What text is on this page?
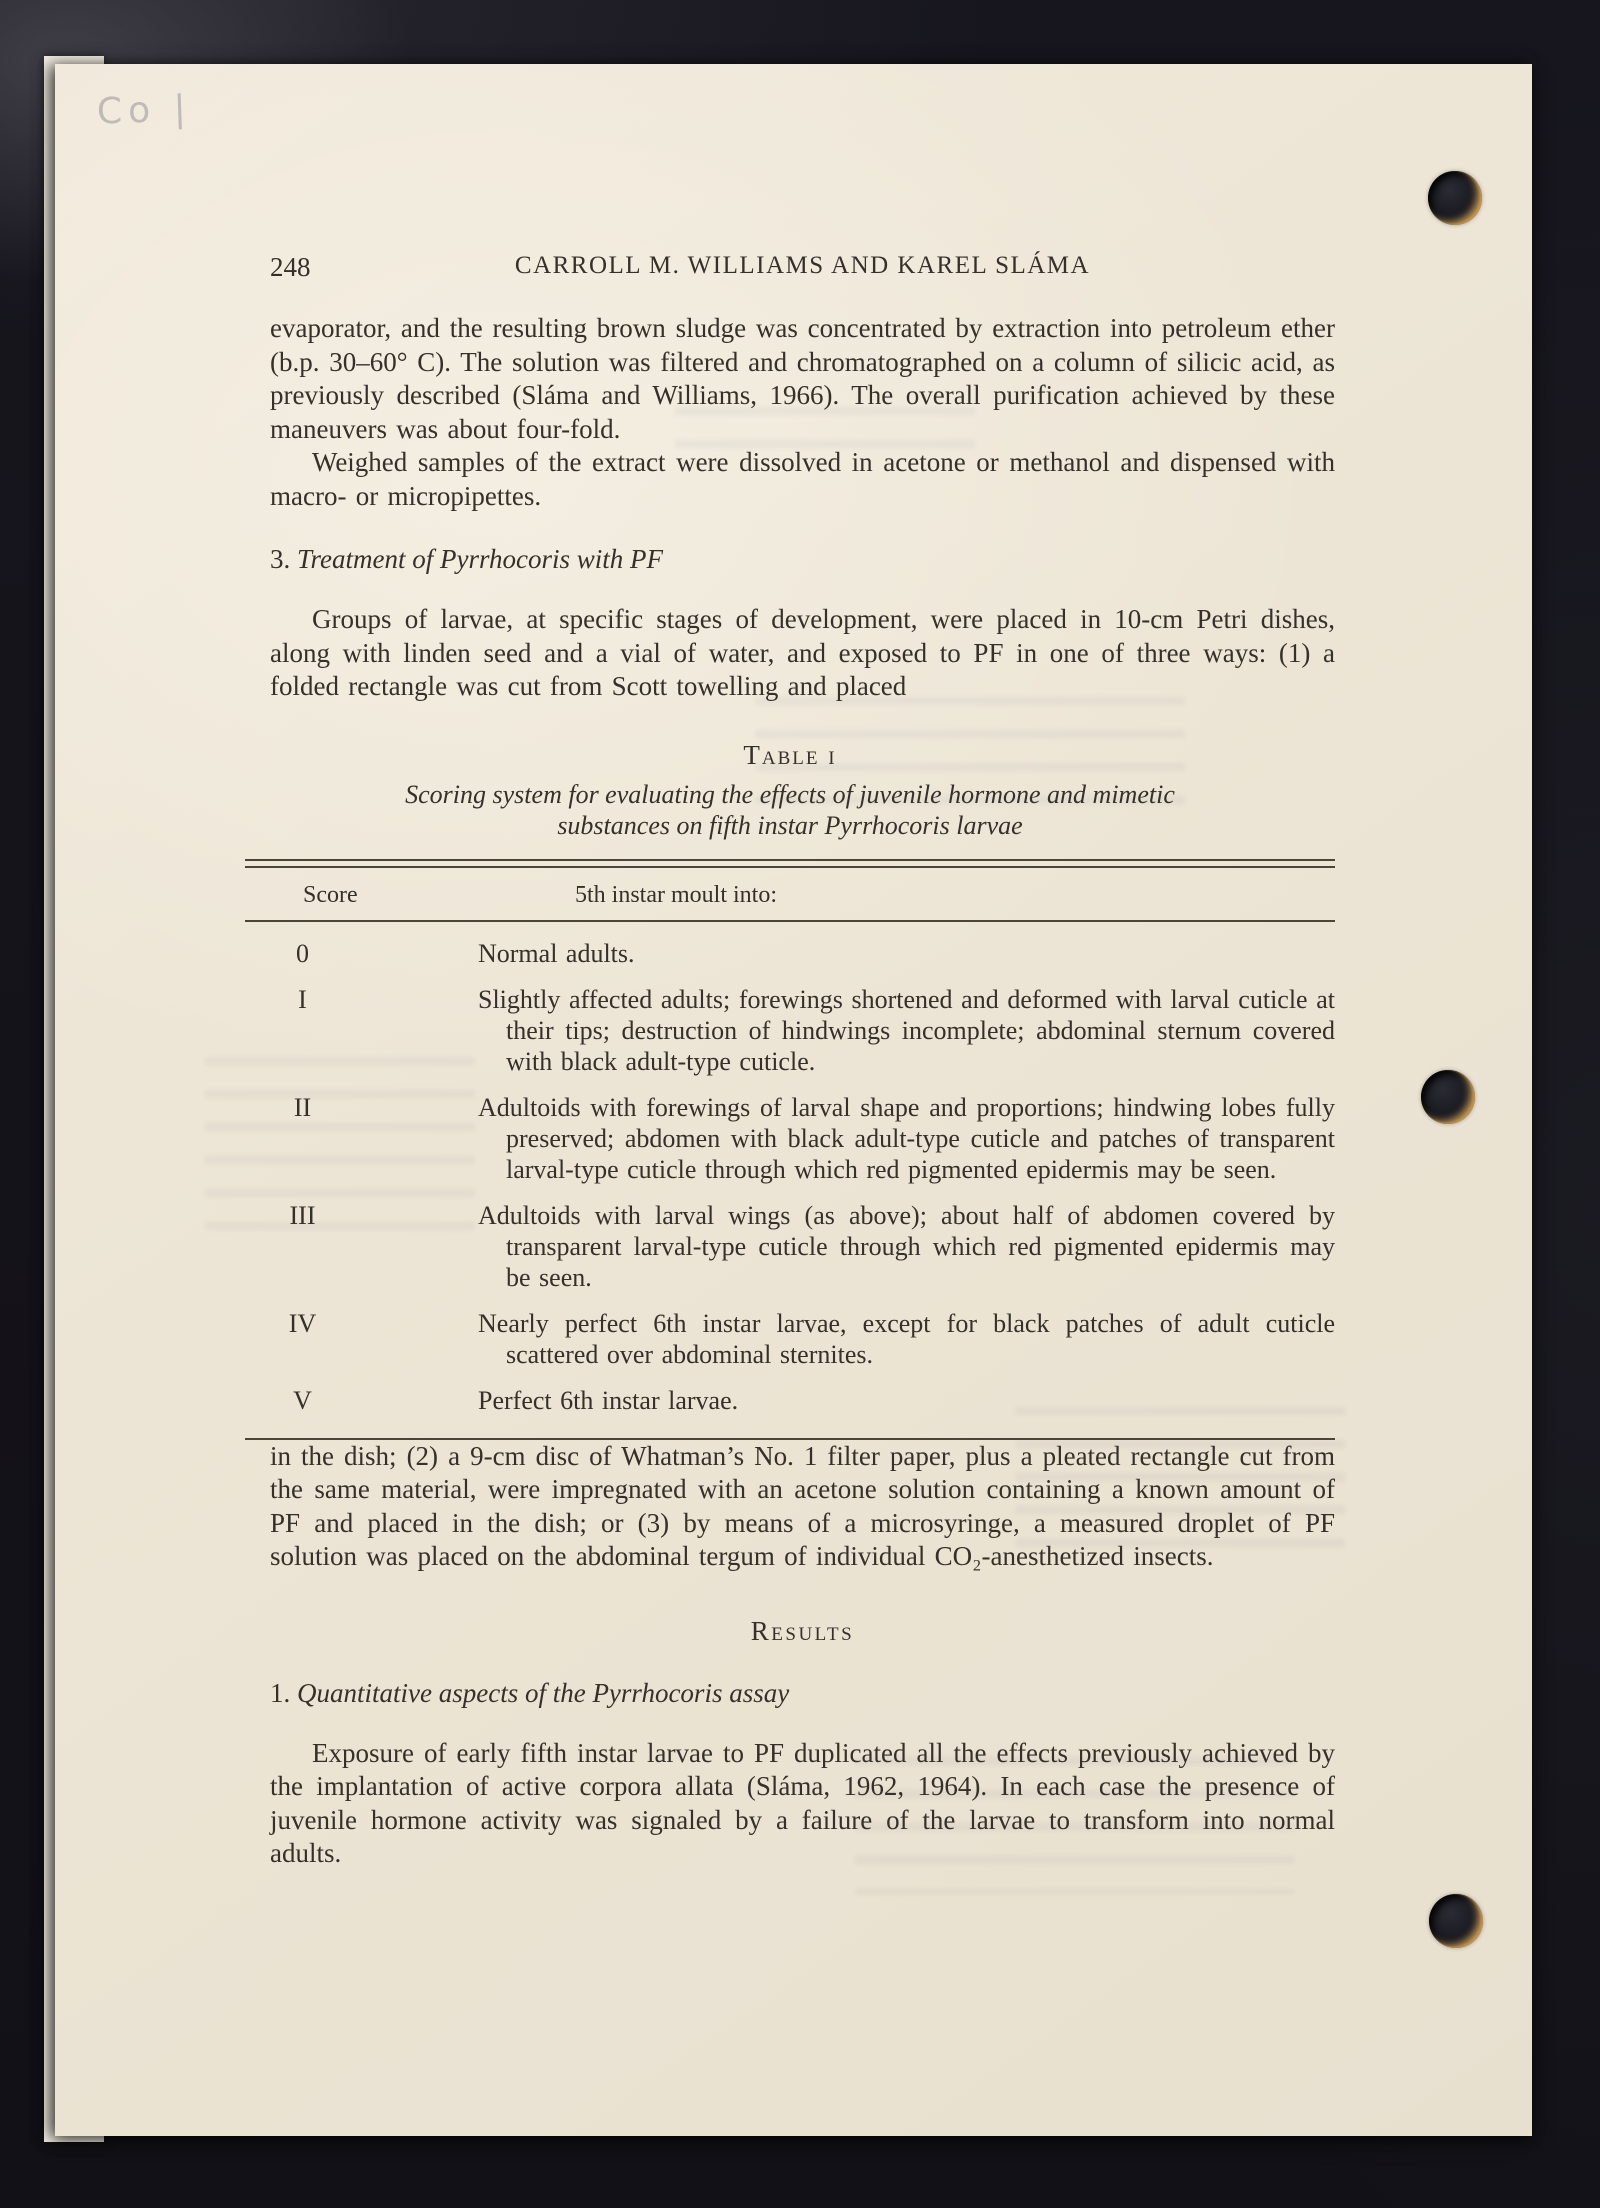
Co |
248	CARROLL M. WILLIAMS AND KAREL SLÁMA

evaporator, and the resulting brown sludge was concentrated by extraction into petroleum ether (b.p. 30–60° C). The solution was filtered and chromatographed on a column of silicic acid, as previously described (Sláma and Williams, 1966). The overall purification achieved by these maneuvers was about four-fold.

Weighed samples of the extract were dissolved in acetone or methanol and dispensed with macro- or micropipettes.

3. Treatment of Pyrrhocoris with PF

Groups of larvae, at specific stages of development, were placed in 10-cm Petri dishes, along with linden seed and a vial of water, and exposed to PF in one of three ways: (1) a folded rectangle was cut from Scott towelling and placed

Table i
Scoring system for evaluating the effects of juvenile hormone and mimetic substances on fifth instar Pyrrhocoris larvae
Score	5th instar moult into:
0	Normal adults.
I	Slightly affected adults; forewings shortened and deformed with larval cuticle at their tips; destruction of hindwings incomplete; abdominal sternum covered with black adult-type cuticle.
II	Adultoids with forewings of larval shape and proportions; hindwing lobes fully preserved; abdomen with black adult-type cuticle and patches of transparent larval-type cuticle through which red pigmented epidermis may be seen.
III	Adultoids with larval wings (as above); about half of abdomen covered by transparent larval-type cuticle through which red pigmented epidermis may be seen.
IV	Nearly perfect 6th instar larvae, except for black patches of adult cuticle scattered over abdominal sternites.
V	Perfect 6th instar larvae.

in the dish; (2) a 9-cm disc of Whatman’s No. 1 filter paper, plus a pleated rectangle cut from the same material, were impregnated with an acetone solution containing a known amount of PF and placed in the dish; or (3) by means of a microsyringe, a measured droplet of PF solution was placed on the abdominal tergum of individual CO₂-anesthetized insects.

Results
1. Quantitative aspects of the Pyrrhocoris assay

Exposure of early fifth instar larvae to PF duplicated all the effects previously achieved by the implantation of active corpora allata (Sláma, 1962, 1964). In each case the presence of juvenile hormone activity was signaled by a failure of the larvae to transform into normal adults.
